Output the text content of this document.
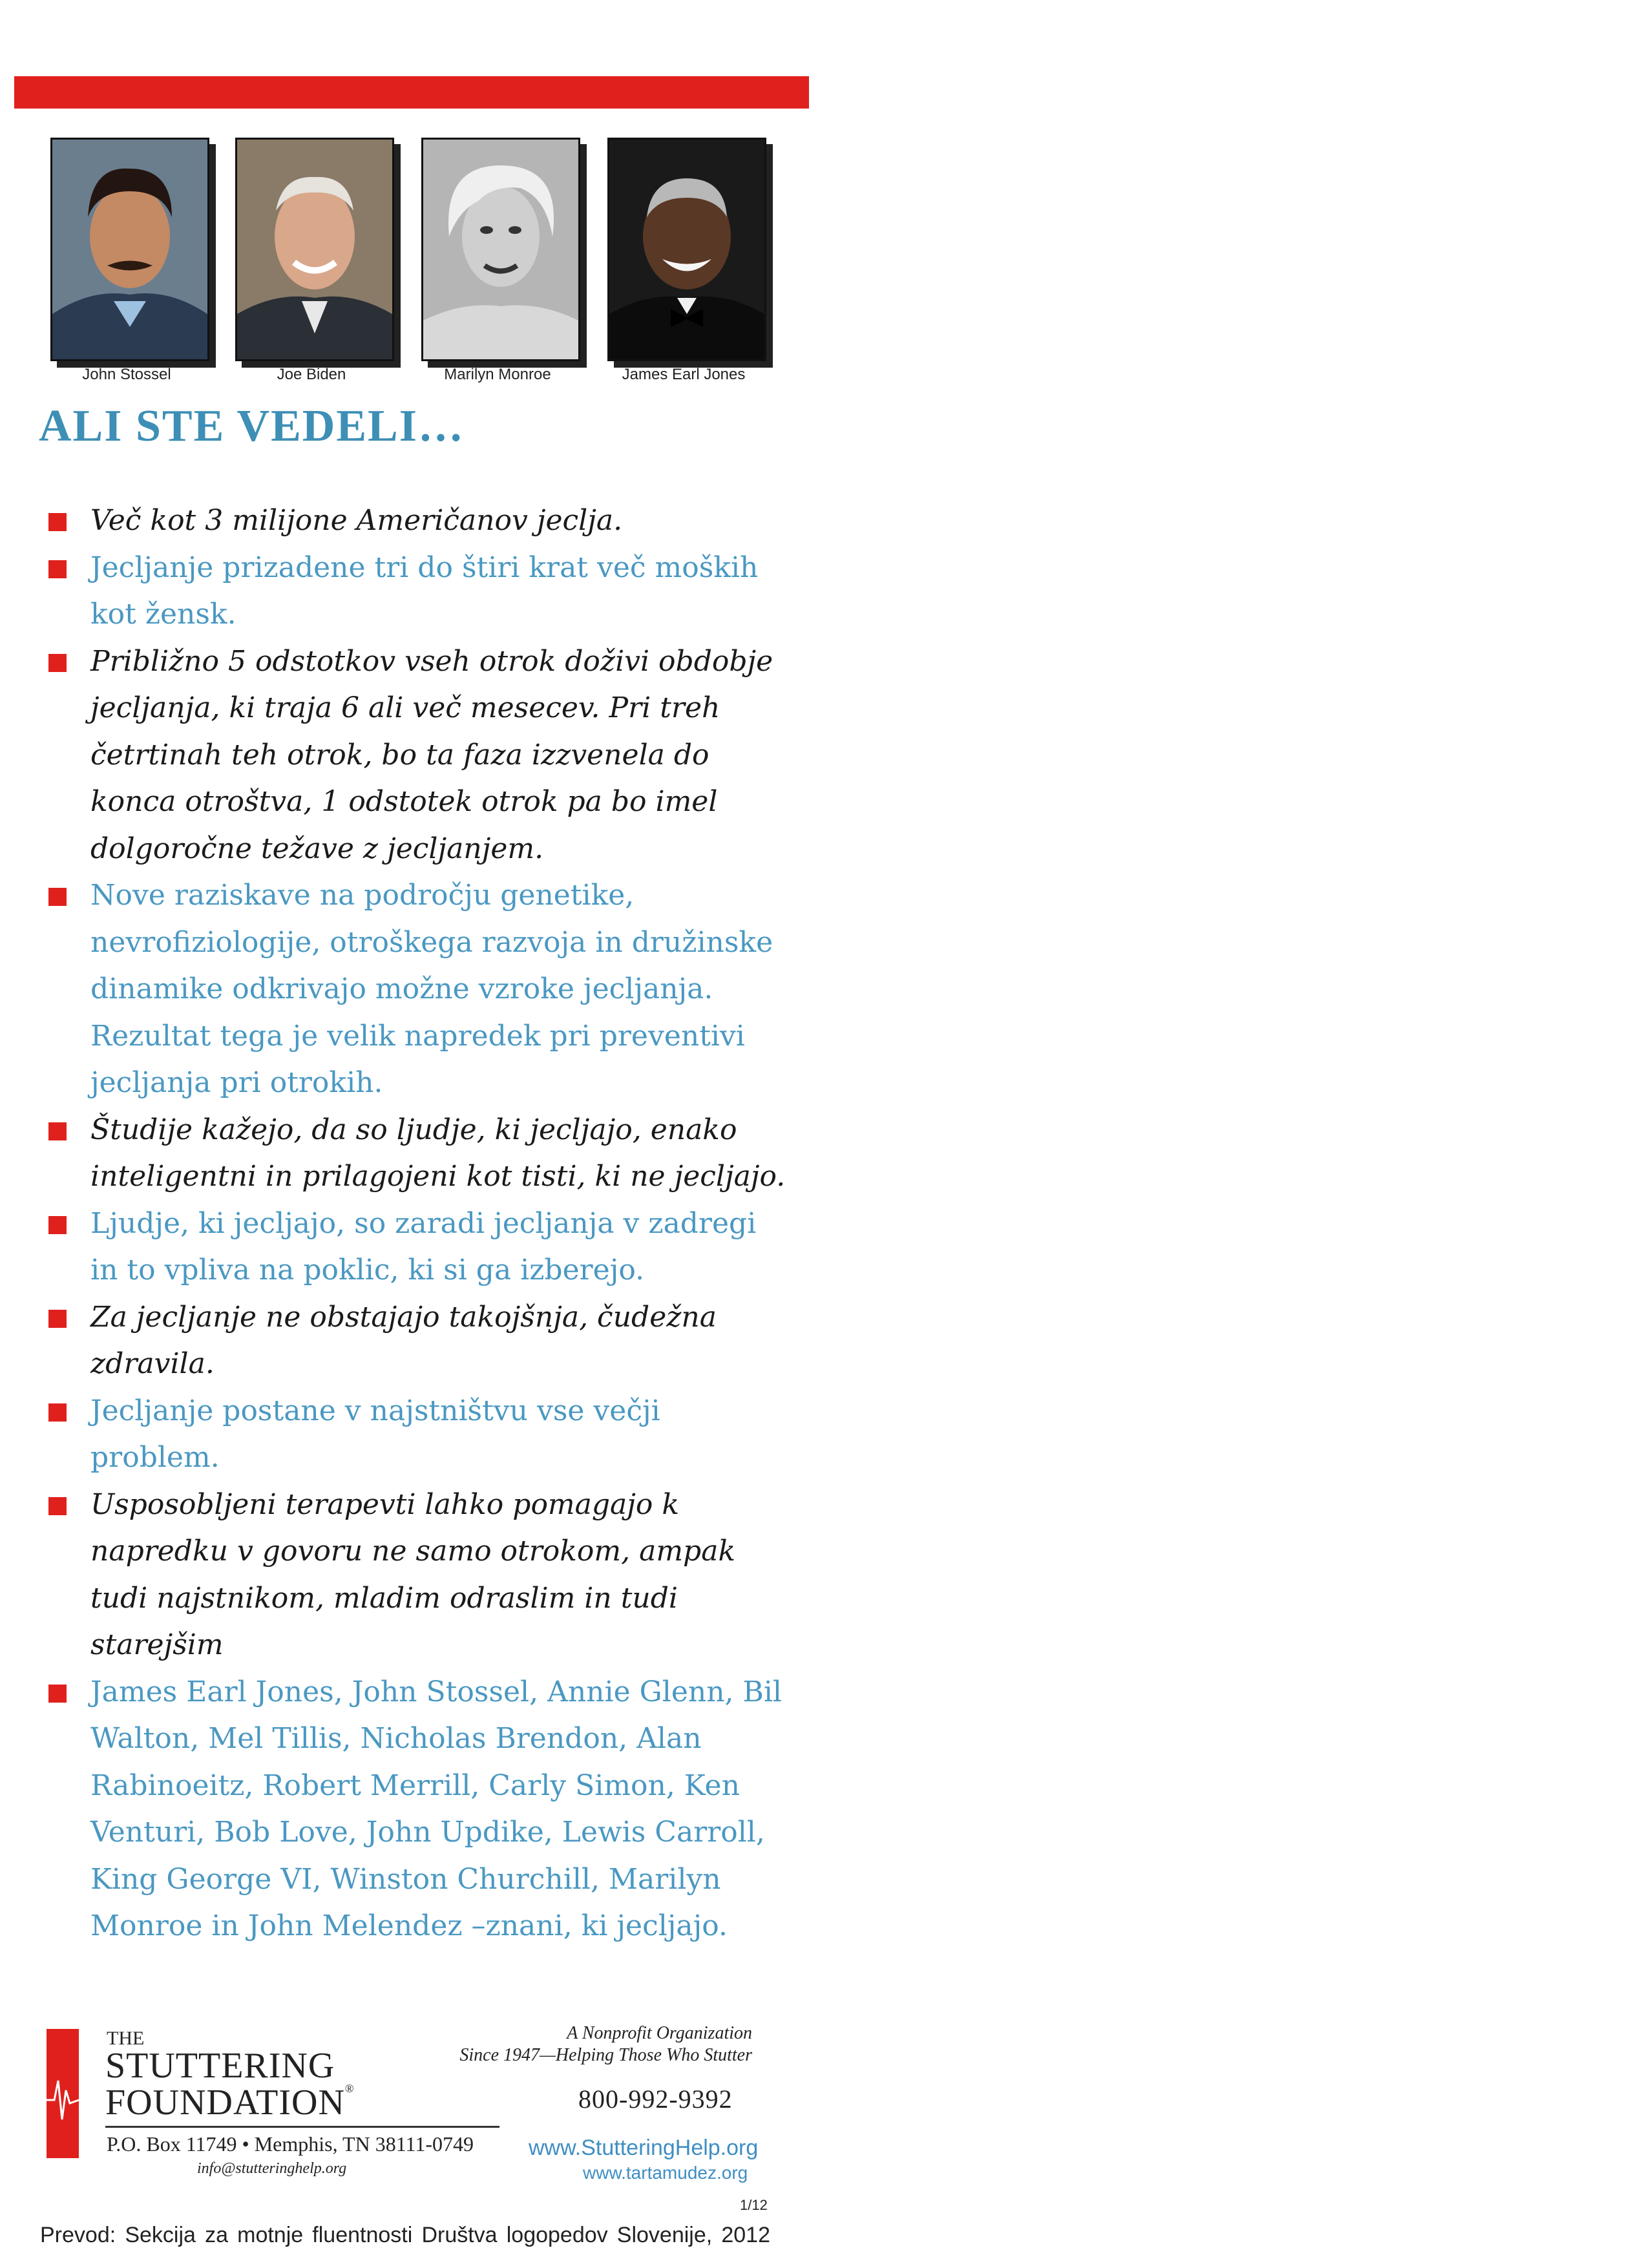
John Stossel	Joe Biden	Marilyn Monroe	James Earl Jones
ALI STE VEDELI…
Več kot 3 milijone Američanov jeclja.
Jecljanje prizadene tri do štiri krat več moških kot žensk.
Približno 5 odstotkov vseh otrok doživi obdobje jecljanja, ki traja 6 ali več mesecev. Pri treh četrtinah teh otrok, bo ta faza izzvenela do konca otroštva, 1 odstotek otrok pa bo imel dolgoročne težave z jecljanjem.
Nove raziskave na področju genetike, nevrofiziologije, otroškega razvoja in družinske dinamike odkrivajo možne vzroke jecljanja. Rezultat tega je velik napredek pri preventivi jecljanja pri otrokih.
Študije kažejo, da so ljudje, ki jecljajo, enako inteligentni in prilagojeni kot tisti, ki ne jecljajo.
Ljudje, ki jecljajo, so zaradi jecljanja v zadregi in to vpliva na poklic, ki si ga izberejo.
Za jecljanje ne obstajajo takojšnja, čudežna zdravila.
Jecljanje postane v najstništvu vse večji problem.
Usposobljeni terapevti lahko pomagajo k napredku v govoru ne samo otrokom, ampak tudi najstnikom, mladim odraslim in tudi starejšim
James Earl Jones, John Stossel, Annie Glenn, Bil Walton, Mel Tillis, Nicholas Brendon, Alan Rabinoeitz, Robert Merrill, Carly Simon, Ken Venturi, Bob Love, John Updike, Lewis Carroll, King George VI, Winston Churchill, Marilyn Monroe in John Melendez –znani, ki jecljajo.
THE
STUTTERING
FOUNDATION®
P.O. Box 11749 • Memphis, TN 38111-0749
info@stutteringhelp.org
A Nonprofit Organization
Since 1947—Helping Those Who Stutter
800-992-9392
www.StutteringHelp.org
www.tartamudez.org
1/12
Prevod: Sekcija za motnje fluentnosti Društva logopedov Slovenije, 2012
